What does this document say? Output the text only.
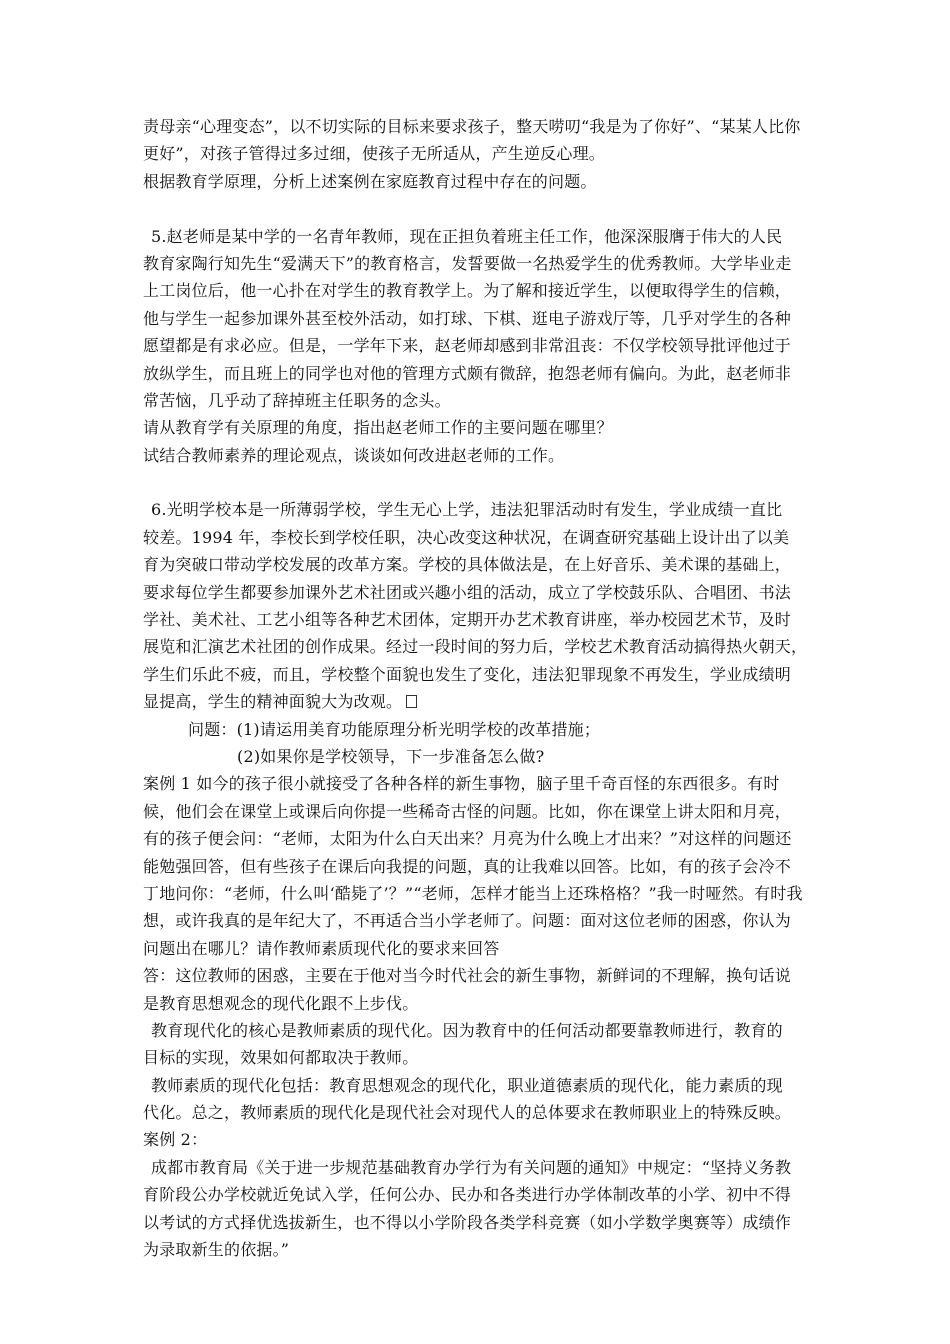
责母亲“心理变态”，以不切实际的目标来要求孩子，整天唠叨“我是为了你好”、“某某人比你
更好”，对孩子管得过多过细，使孩子无所适从，产生逆反心理。
根据教育学原理，分析上述案例在家庭教育过程中存在的问题。
5.赵老师是某中学的一名青年教师，现在正担负着班主任工作，他深深服膺于伟大的人民
教育家陶行知先生“爱满天下”的教育格言，发誓要做一名热爱学生的优秀教师。大学毕业走
上工岗位后，他一心扑在对学生的教育教学上。为了解和接近学生，以便取得学生的信赖，
他与学生一起参加课外甚至校外活动，如打球、下棋、逛电子游戏厅等，几乎对学生的各种
愿望都是有求必应。但是，一学年下来，赵老师却感到非常沮丧：不仅学校领导批评他过于
放纵学生，而且班上的同学也对他的管理方式颇有微辞，抱怨老师有偏向。为此，赵老师非
常苦恼，几乎动了辞掉班主任职务的念头。
请从教育学有关原理的角度，指出赵老师工作的主要问题在哪里？
试结合教师素养的理论观点，谈谈如何改进赵老师的工作。
6.光明学校本是一所薄弱学校，学生无心上学，违法犯罪活动时有发生，学业成绩一直比
较差。1994 年，李校长到学校任职，决心改变这种状况，在调查研究基础上设计出了以美
育为突破口带动学校发展的改革方案。学校的具体做法是，在上好音乐、美术课的基础上，
要求每位学生都要参加课外艺术社团或兴趣小组的活动，成立了学校鼓乐队、合唱团、书法
学社、美术社、工艺小组等各种艺术团体，定期开办艺术教育讲座，举办校园艺术节，及时
展览和汇演艺术社团的创作成果。经过一段时间的努力后，学校艺术教育活动搞得热火朝天，
学生们乐此不疲，而且，学校整个面貌也发生了变化，违法犯罪现象不再发生，学业成绩明
显提高，学生的精神面貌大为改观。
问题：(1)请运用美育功能原理分析光明学校的改革措施；
(2)如果你是学校领导，下一步准备怎么做?
案例 1 如今的孩子很小就接受了各种各样的新生事物，脑子里千奇百怪的东西很多。有时
候，他们会在课堂上或课后向你提一些稀奇古怪的问题。比如，你在课堂上讲太阳和月亮，
有的孩子便会问：“老师，太阳为什么白天出来？月亮为什么晚上才出来？”对这样的问题还
能勉强回答，但有些孩子在课后向我提的问题，真的让我难以回答。比如，有的孩子会冷不
丁地问你：“老师，什么叫‘酷毙了’？”“老师，怎样才能当上还珠格格？”我一时哑然。有时我
想，或许我真的是年纪大了，不再适合当小学老师了。问题：面对这位老师的困惑，你认为
问题出在哪儿？请作教师素质现代化的要求来回答
答：这位教师的困惑，主要在于他对当今时代社会的新生事物，新鲜词的不理解，换句话说
是教育思想观念的现代化跟不上步伐。
教育现代化的核心是教师素质的现代化。因为教育中的任何活动都要靠教师进行，教育的
目标的实现，效果如何都取决于教师。
教师素质的现代化包括：教育思想观念的现代化，职业道德素质的现代化，能力素质的现
代化。总之，教师素质的现代化是现代社会对现代人的总体要求在教师职业上的特殊反映。
案例 2：
成都市教育局《关于进一步规范基础教育办学行为有关问题的通知》中规定：“坚持义务教
育阶段公办学校就近免试入学，任何公办、民办和各类进行办学体制改革的小学、初中不得
以考试的方式择优选拔新生，也不得以小学阶段各类学科竞赛（如小学数学奥赛等）成绩作
为录取新生的依据。”
